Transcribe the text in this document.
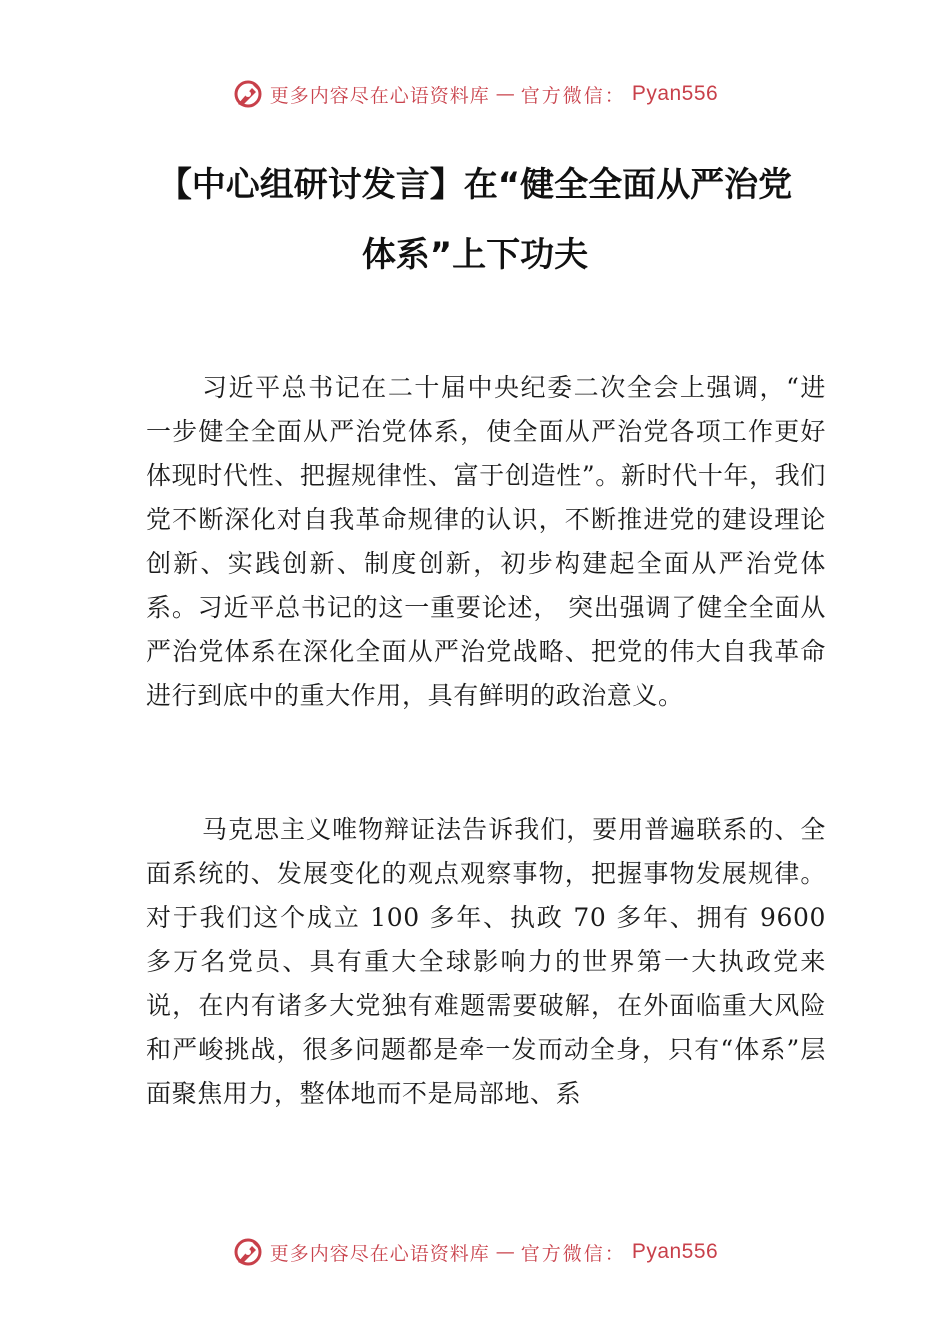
更多内容尽在心语资料库 — 官方微信： Pyan556
【中心组研讨发言】在“健全全面从严治党
体系”上下功夫

习近平总书记在二十届中央纪委二次全会上强调，“进一步健全全面从严治党体系，使全面从严治党各项工作更好体现时代性、把握规律性、富于创造性”。新时代十年，我们党不断深化对自我革命规律的认识，不断推进党的建设理论创新、实践创新、制度创新，初步构建起全面从严治党体系。习近平总书记的这一重要论述， 突出强调了健全全面从严治党体系在深化全面从严治党战略、把党的伟大自我革命进行到底中的重大作用，具有鲜明的政治意义。

马克思主义唯物辩证法告诉我们，要用普遍联系的、全面系统的、发展变化的观点观察事物，把握事物发展规律。对于我们这个成立 100 多年、执政 70 多年、拥有 9600 多万名党员、具有重大全球影响力的世界第一大执政党来说，在内有诸多大党独有难题需要破解，在外面临重大风险和严峻挑战，很多问题都是牵一发而动全身，只有“体系”层面聚焦用力，整体地而不是局部地、系

更多内容尽在心语资料库 — 官方微信： Pyan556
